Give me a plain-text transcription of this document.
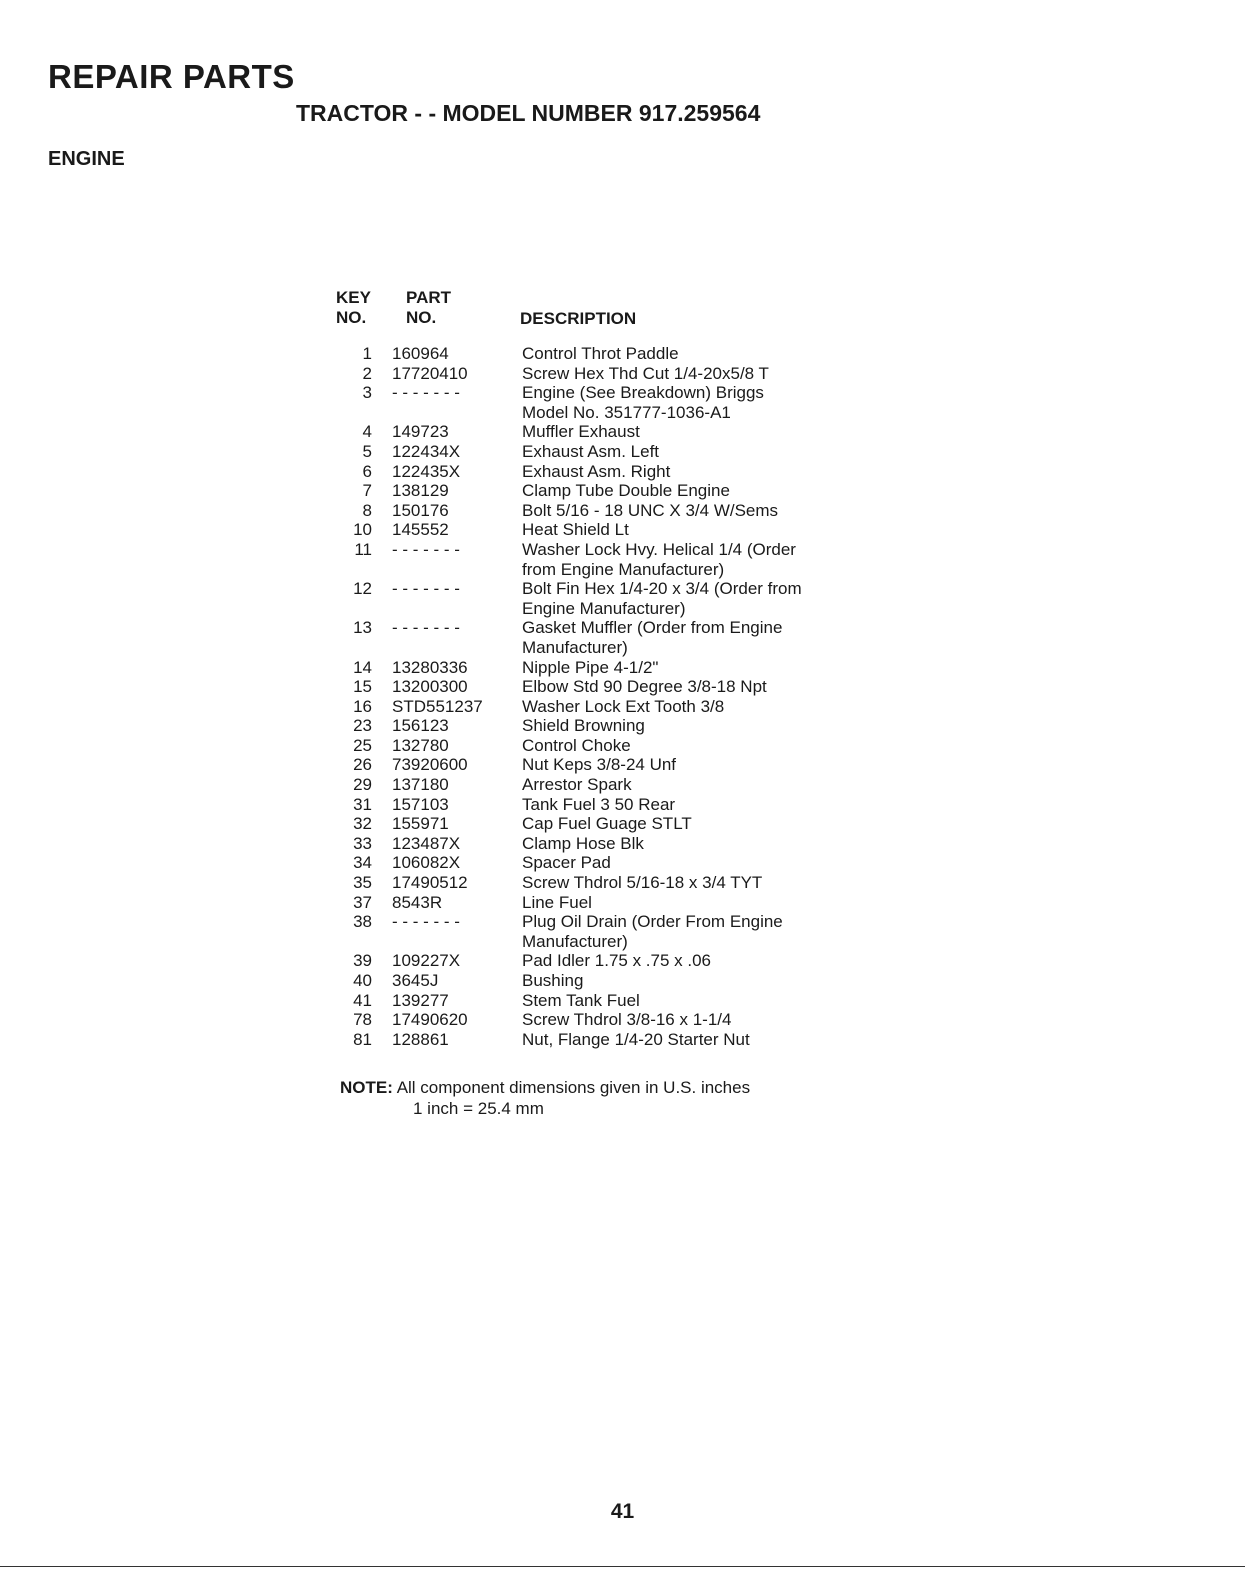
REPAIR PARTS
TRACTOR - - MODEL NUMBER 917.259564
ENGINE
KEY
NO.
PART
NO.	DESCRIPTION
1	160964	Control Throt Paddle
2	17720410	Screw Hex Thd Cut 1/4-20x5/8 T
3	- - - - - - -	Engine (See Breakdown) Briggs
Model No. 351777-1036-A1
4	149723	Muffler Exhaust
5	122434X	Exhaust Asm. Left
6	122435X	Exhaust Asm. Right
7	138129	Clamp Tube Double Engine
8	150176	Bolt 5/16 - 18 UNC X 3/4 W/Sems
10	145552	Heat Shield Lt
11	- - - - - - -	Washer Lock Hvy. Helical 1/4 (Order
from Engine Manufacturer)
12	- - - - - - -	Bolt Fin Hex 1/4-20 x 3/4 (Order from
Engine Manufacturer)
13	- - - - - - -	Gasket Muffler (Order from Engine
Manufacturer)
14	13280336	Nipple Pipe 4-1/2"
15	13200300	Elbow Std 90 Degree 3/8-18 Npt
16	STD551237	Washer Lock Ext Tooth 3/8
23	156123	Shield Browning
25	132780	Control Choke
26	73920600	Nut Keps 3/8-24 Unf
29	137180	Arrestor Spark
31	157103	Tank Fuel 3 50 Rear
32	155971	Cap Fuel Guage STLT
33	123487X	Clamp Hose Blk
34	106082X	Spacer Pad
35	17490512	Screw Thdrol 5/16-18 x 3/4 TYT
37	8543R	Line Fuel
38	- - - - - - -	Plug Oil Drain (Order From Engine
Manufacturer)
39	109227X	Pad Idler 1.75 x .75 x .06
40	3645J	Bushing
41	139277	Stem Tank Fuel
78	17490620	Screw Thdrol 3/8-16 x 1-1/4
81	128861	Nut, Flange 1/4-20 Starter Nut
NOTE: All component dimensions given in U.S. inches
1 inch = 25.4 mm
41
